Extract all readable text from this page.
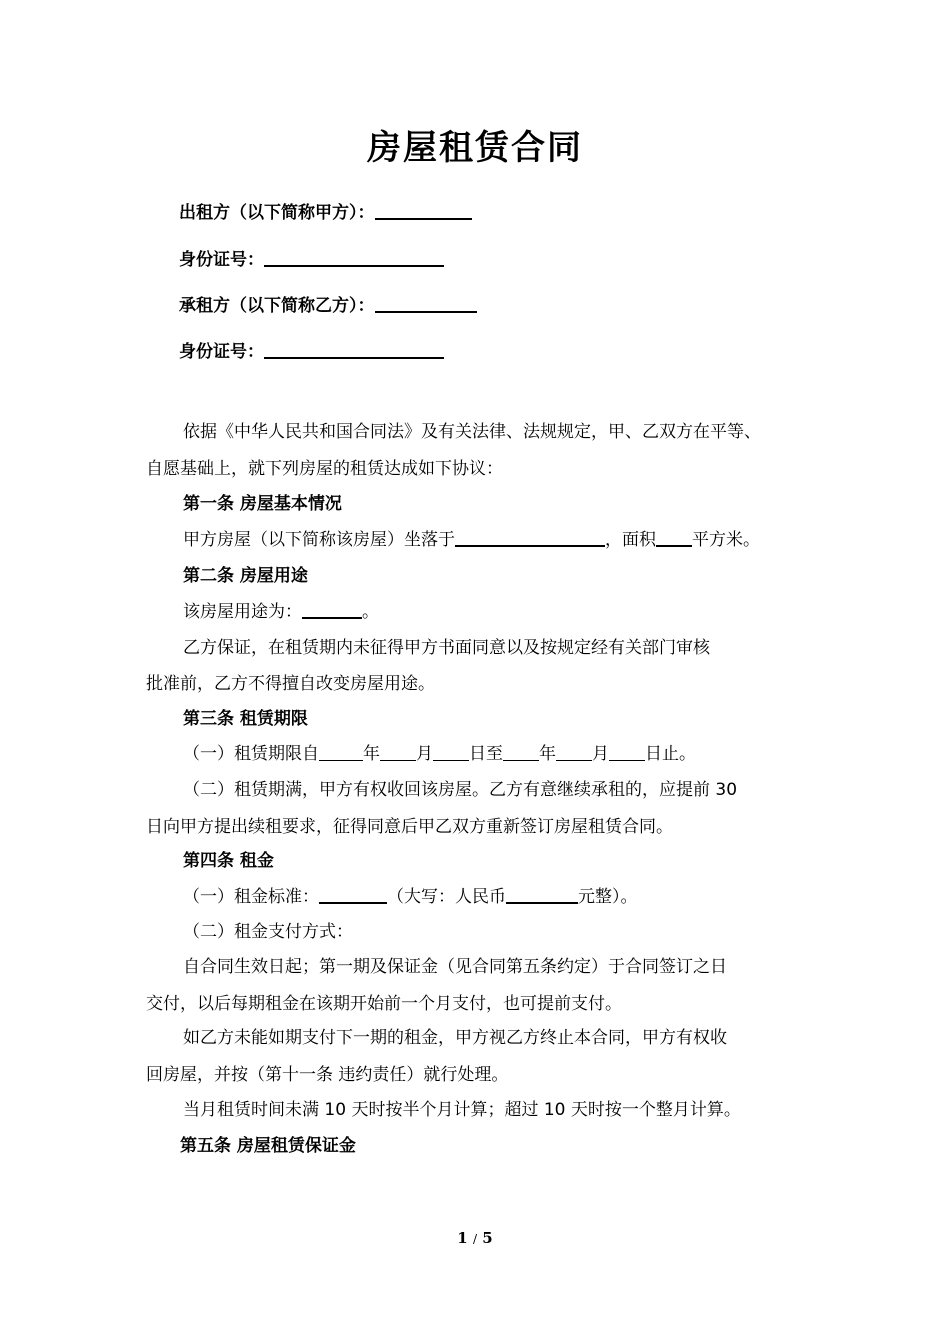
房屋租赁合同
出租方（以下简称甲方）：
身份证号：
承租方（以下简称乙方）：
身份证号：
依据《中华人民共和国合同法》及有关法律、法规规定，甲、乙双方在平等、
自愿基础上，就下列房屋的租赁达成如下协议：
第一条 房屋基本情况
甲方房屋（以下简称该房屋）坐落于	，面积 平方米。
第二条 房屋用途
该房屋用途为：	。
乙方保证，在租赁期内未征得甲方书面同意以及按规定经有关部门审核
批准前，乙方不得擅自改变房屋用途。
第三条 租赁期限
（一）租赁期限自	年 月 日至 年 月 日止。
（二）租赁期满，甲方有权收回该房屋。乙方有意继续承租的，应提前 30
日向甲方提出续租要求，征得同意后甲乙双方重新签订房屋租赁合同。
第四条 租金
（一）租金标准：	（大写：人民币	元整）。
（二）租金支付方式：
自合同生效日起；第一期及保证金（见合同第五条约定）于合同签订之日
交付，以后每期租金在该期开始前一个月支付，也可提前支付。
如乙方未能如期支付下一期的租金，甲方视乙方终止本合同，甲方有权收
回房屋，并按（第十一条 违约责任）就行处理。
当月租赁时间未满 10 天时按半个月计算；超过 10 天时按一个整月计算。
第五条 房屋租赁保证金
1 / 5
